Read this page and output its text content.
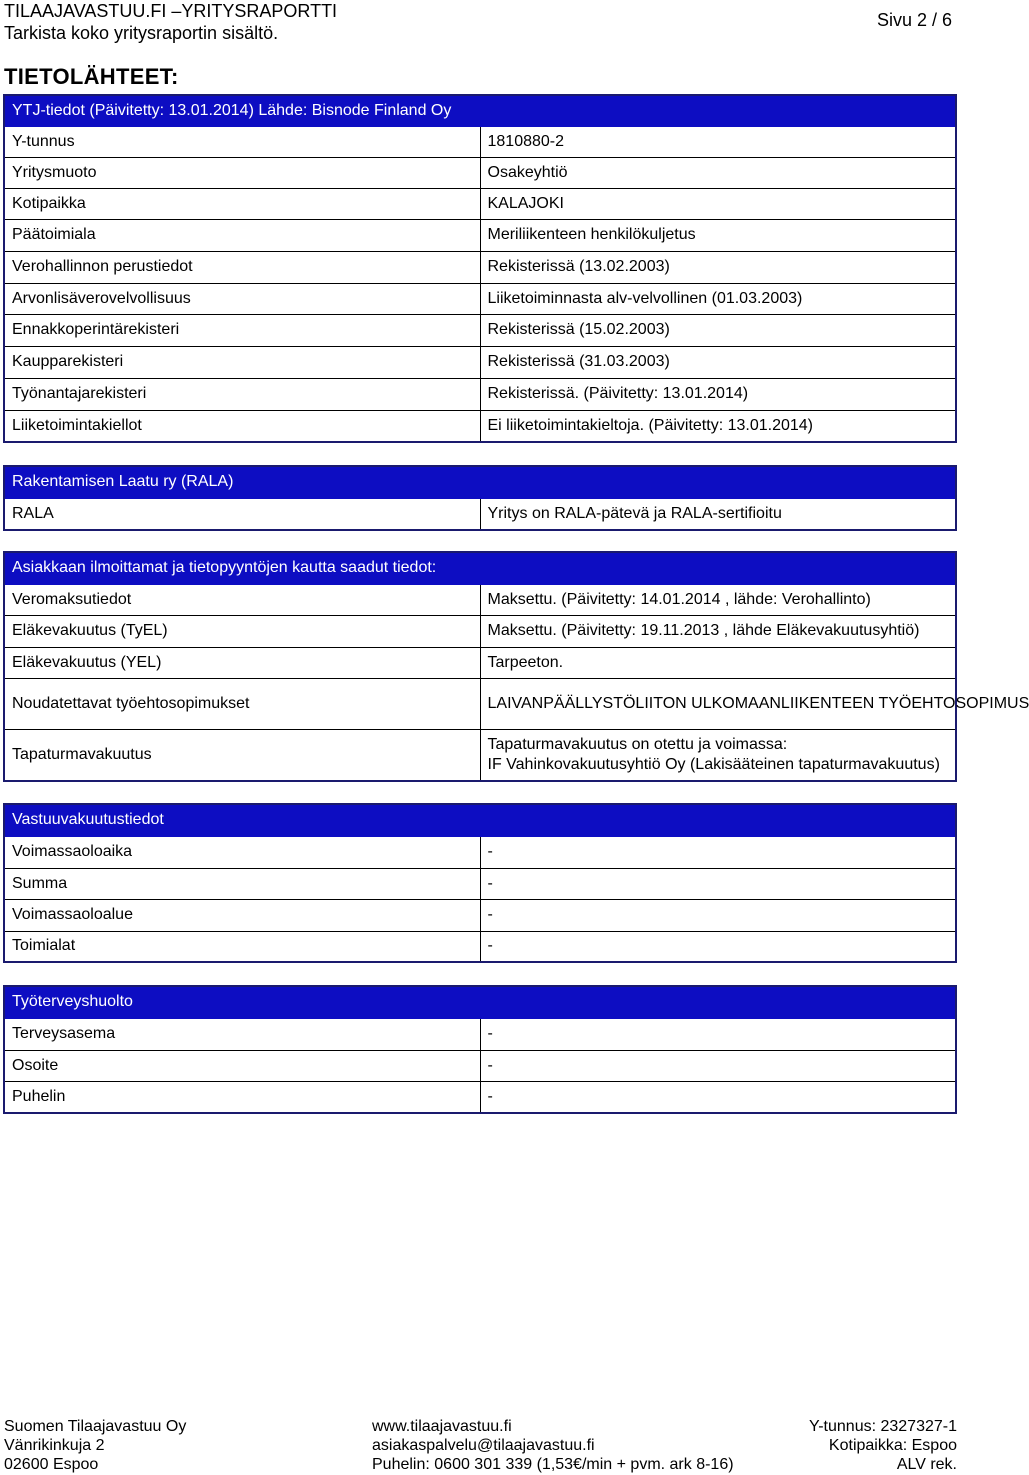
TILAAJAVASTUU.FI –YRITYSRAPORTTI
Tarkista koko yritysraportin sisältö.
Sivu 2 / 6
TIETOLÄHTEET:
YTJ-tiedot (Päivitetty: 13.01.2014) Lähde: Bisnode Finland Oy	
Y-tunnus	1810880-2
Yritysmuoto	Osakeyhtiö
Kotipaikka	KALAJOKI
Päätoimiala	Meriliikenteen henkilökuljetus
Verohallinnon perustiedot	Rekisterissä (13.02.2003)
Arvonlisäverovelvollisuus	Liiketoiminnasta alv-velvollinen (01.03.2003)
Ennakkoperintärekisteri	Rekisterissä (15.02.2003)
Kaupparekisteri	Rekisterissä (31.03.2003)
Työnantajarekisteri	Rekisterissä. (Päivitetty: 13.01.2014)
Liiketoimintakiellot	Ei liiketoimintakieltoja. (Päivitetty: 13.01.2014)
Rakentamisen Laatu ry (RALA)
RALA	Yritys on RALA-pätevä ja RALA-sertifioitu
Asiakkaan ilmoittamat ja tietopyyntöjen kautta saadut tiedot:	
Veromaksutiedot	Maksettu. (Päivitetty: 14.01.2014 , lähde: Verohallinto)
Eläkevakuutus (TyEL)	Maksettu. (Päivitetty: 19.11.2013 , lähde Eläkevakuutusyhtiö)
Eläkevakuutus (YEL)	Tarpeeton.
Noudatettavat työehtosopimukset	LAIVANPÄÄLLYSTÖLIITON ULKOMAANLIIKENTEEN TYÖEHTOSOPIMUS
Tapaturmavakuutus	Tapaturmavakuutus on otettu ja voimassa:
IF Vahinkovakuutusyhtiö Oy (Lakisääteinen tapaturmavakuutus)
Vastuuvakuutustiedot	
Voimassaoloaika	-
Summa	-
Voimassaoloalue	-
Toimialat	-
Työterveyshuolto	
Terveysasema	-
Osoite	-
Puhelin	-
Suomen Tilaajavastuu Oy
Vänrikinkuja 2
02600 Espoo
www.tilaajavastuu.fi
asiakaspalvelu@tilaajavastuu.fi
Puhelin: 0600 301 339 (1,53€/min + pvm. ark 8-16)
Y-tunnus: 2327327-1
Kotipaikka: Espoo
ALV rek.
